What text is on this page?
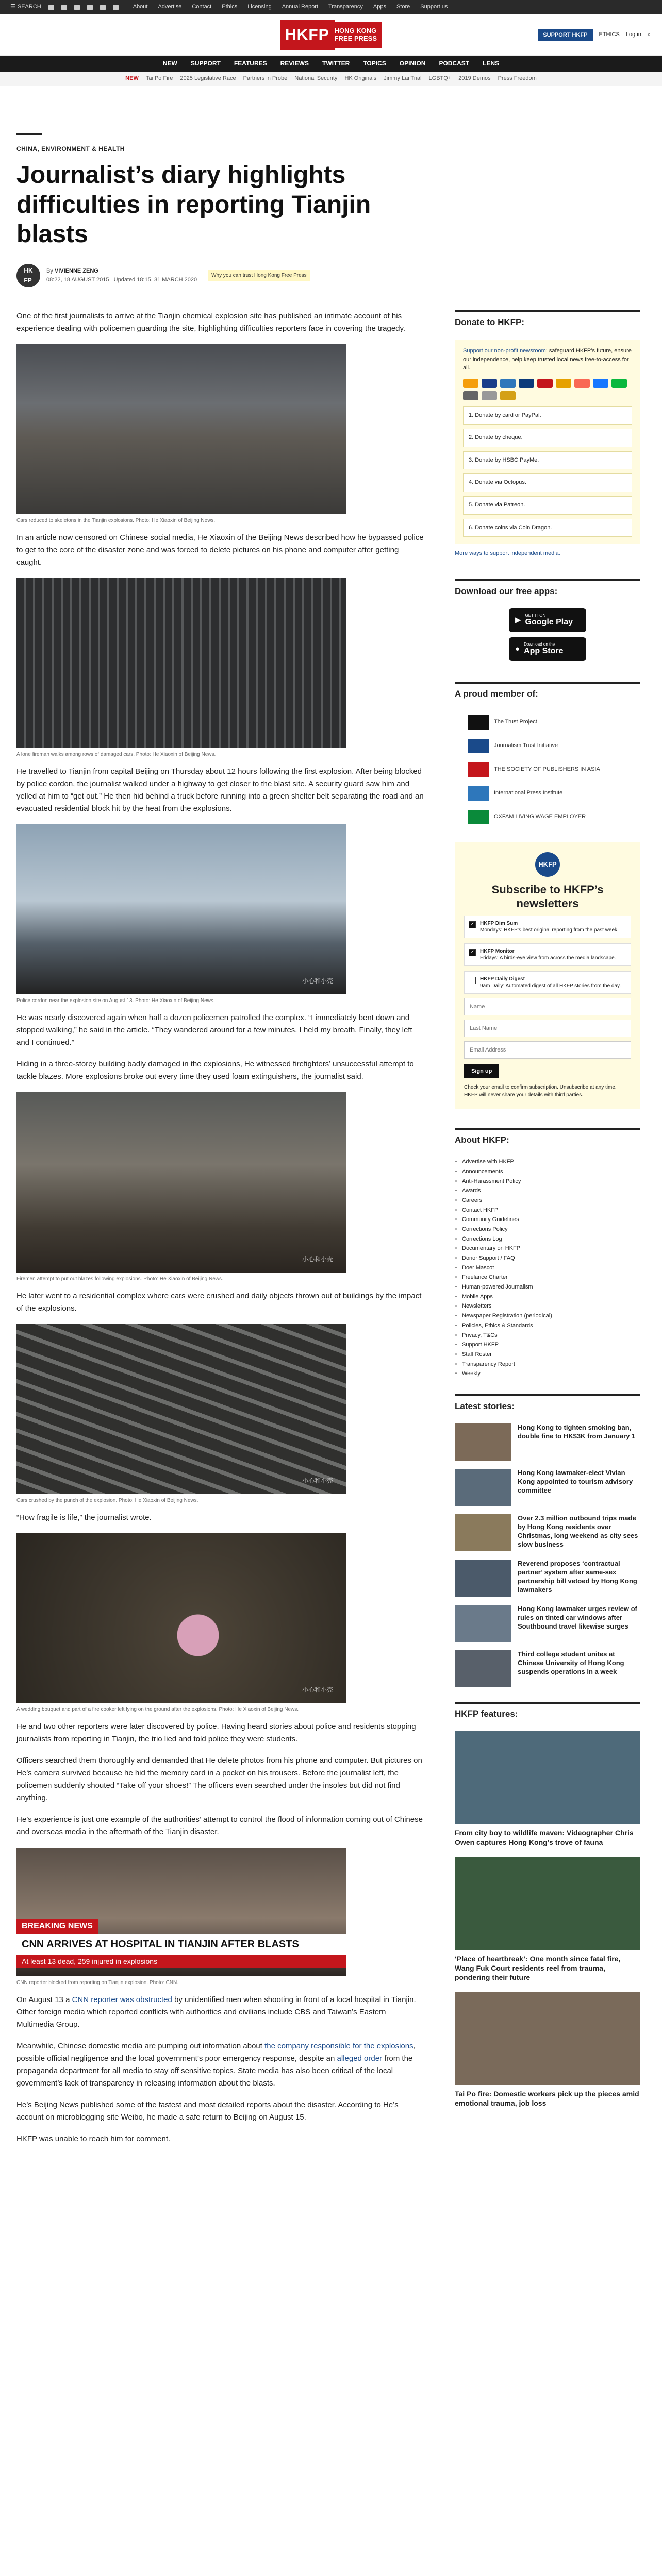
☰ SEARCH	About Advertise Contact Ethics Licensing Annual Report Transparency Apps Store Support us
HKFP HONG KONG
FREE PRESS	SUPPORT HKFP	ETHICS Log in ⌕
NEW SUPPORT FEATURES REVIEWS TWITTER TOPICS OPINION PODCAST LENS
NEW Tai Po Fire 2025 Legislative Race Partners in Probe National Security HK Originals Jimmy Lai Trial LGBTQ+ 2019 Demos Press Freedom
CHINA, ENVIRONMENT & HEALTH
Journalist’s diary highlights difficulties in reporting Tianjin blasts
HK
FP
By VIVIENNE ZENG
08:22, 18 AUGUST 2015 Updated 18:15, 31 MARCH 2020
Why you can trust Hong Kong Free Press

One of the first journalists to arrive at the Tianjin chemical explosion site has published an intimate account of his experience dealing with policemen guarding the site, highlighting difficulties reporters face in covering the tragedy.

Cars reduced to skeletons in the Tianjin explosions. Photo: He Xiaoxin of Beijing News.

In an article now censored on Chinese social media, He Xiaoxin of the Beijing News described how he bypassed police to get to the core of the disaster zone and was forced to delete pictures on his phone and computer after getting caught.

A lone fireman walks among rows of damaged cars. Photo: He Xiaoxin of Beijing News.

He travelled to Tianjin from capital Beijing on Thursday about 12 hours following the first explosion. After being blocked by police cordon, the journalist walked under a highway to get closer to the blast site. A security guard saw him and yelled at him to “get out.” He then hid behind a truck before running into a green shelter belt separating the road and an evacuated residential block hit by the heat from the explosions.

小心和小壳
Police cordon near the explosion site on August 13. Photo: He Xiaoxin of Beijing News.

He was nearly discovered again when half a dozen policemen patrolled the complex. “I immediately bent down and stopped walking,” he said in the article. “They wandered around for a few minutes. I held my breath. Finally, they left and I continued.”

Hiding in a three-storey building badly damaged in the explosions, He witnessed firefighters’ unsuccessful attempt to tackle blazes. More explosions broke out every time they used foam extinguishers, the journalist said.

小心和小壳
Firemen attempt to put out blazes following explosions. Photo: He Xiaoxin of Beijing News.

He later went to a residential complex where cars were crushed and daily objects thrown out of buildings by the impact of the explosions.

小心和小壳
Cars crushed by the punch of the explosion. Photo: He Xiaoxin of Beijing News.

“How fragile is life,” the journalist wrote.

小心和小壳
A wedding bouquet and part of a fire cooker left lying on the ground after the explosions. Photo: He Xiaoxin of Beijing News.

He and two other reporters were later discovered by police. Having heard stories about police and residents stopping journalists from reporting in Tianjin, the trio lied and told police they were students.

Officers searched them thoroughly and demanded that He delete photos from his phone and computer. But pictures on He’s camera survived because he hid the memory card in a pocket on his trousers. Before the journalist left, the policemen suddenly shouted “Take off your shoes!” The officers even searched under the insoles but did not find anything.

He’s experience is just one example of the authorities’ attempt to control the flood of information coming out of Chinese and overseas media in the aftermath of the Tianjin disaster.

BREAKING NEWS
CNN ARRIVES AT HOSPITAL IN TIANJIN AFTER BLASTS
At least 13 dead, 259 injured in explosions
CNN reporter blocked from reporting on Tianjin explosion. Photo: CNN.

On August 13 a CNN reporter was obstructed by unidentified men when shooting in front of a local hospital in Tianjin. Other foreign media which reported conflicts with authorities and civilians include CBS and Taiwan’s Eastern Multimedia Group.

Meanwhile, Chinese domestic media are pumping out information about the company responsible for the explosions, possible official negligence and the local government’s poor emergency response, despite an alleged order from the propaganda department for all media to stay off sensitive topics. State media has also been critical of the local government’s lack of transparency in releasing information about the blasts.

He’s Beijing News published some of the fastest and most detailed reports about the disaster. According to He’s account on microblogging site Weibo, he made a safe return to Beijing on August 15.

HKFP was unable to reach him for comment.

Donate to HKFP:
Support our non-profit newsroom: safeguard HKFP’s future, ensure our independence, help keep trusted local news free-to-access for all.
1. Donate by card or PayPal.
2. Donate by cheque.
3. Donate by HSBC PayMe.
4. Donate via Octopus.
5. Donate via Patreon.
6. Donate coins via Coin Dragon.
More ways to support independent media.
Download our free apps:
▶
GET IT ON
Google Play
●
Download on the
App Store
A proud member of:
The Trust Project
Journalism Trust Initiative
THE SOCIETY OF PUBLISHERS IN ASIA
International Press Institute
OXFAM LIVING WAGE EMPLOYER
HKFP
Subscribe to HKFP’s newsletters
✓ HKFP Dim Sum
Mondays: HKFP’s best original reporting from the past week.
✓ HKFP Monitor
Fridays: A birds-eye view from across the media landscape.
HKFP Daily Digest
9am Daily: Automated digest of all HKFP stories from the day.
Name Last Name Email Address
Sign up
Check your email to confirm subscription. Unsubscribe at any time. HKFP will never share your details with third parties.
About HKFP:
• Advertise with HKFP
• Announcements
• Anti-Harassment Policy
• Awards
• Careers
• Contact HKFP
• Community Guidelines
• Corrections Policy
• Corrections Log
• Documentary on HKFP
• Donor Support / FAQ
• Doer Mascot
• Freelance Charter
• Human-powered Journalism
• Mobile Apps
• Newsletters
• Newspaper Registration (periodical)
• Policies, Ethics & Standards
• Privacy, T&Cs
• Support HKFP
• Staff Roster
• Transparency Report
• Weekly
Latest stories:
Hong Kong to tighten smoking ban, double fine to HK$3K from January 1
Hong Kong lawmaker-elect Vivian Kong appointed to tourism advisory committee
Over 2.3 million outbound trips made by Hong Kong residents over Christmas, long weekend as city sees slow business
Reverend proposes ‘contractual partner’ system after same-sex partnership bill vetoed by Hong Kong lawmakers
Hong Kong lawmaker urges review of rules on tinted car windows after Southbound travel likewise surges
Third college student unites at Chinese University of Hong Kong suspends operations in a week
HKFP features:
From city boy to wildlife maven: Videographer Chris Owen captures Hong Kong’s trove of fauna
‘Place of heartbreak’: One month since fatal fire, Wang Fuk Court residents reel from trauma, pondering their future
Tai Po fire: Domestic workers pick up the pieces amid emotional trauma, job loss
